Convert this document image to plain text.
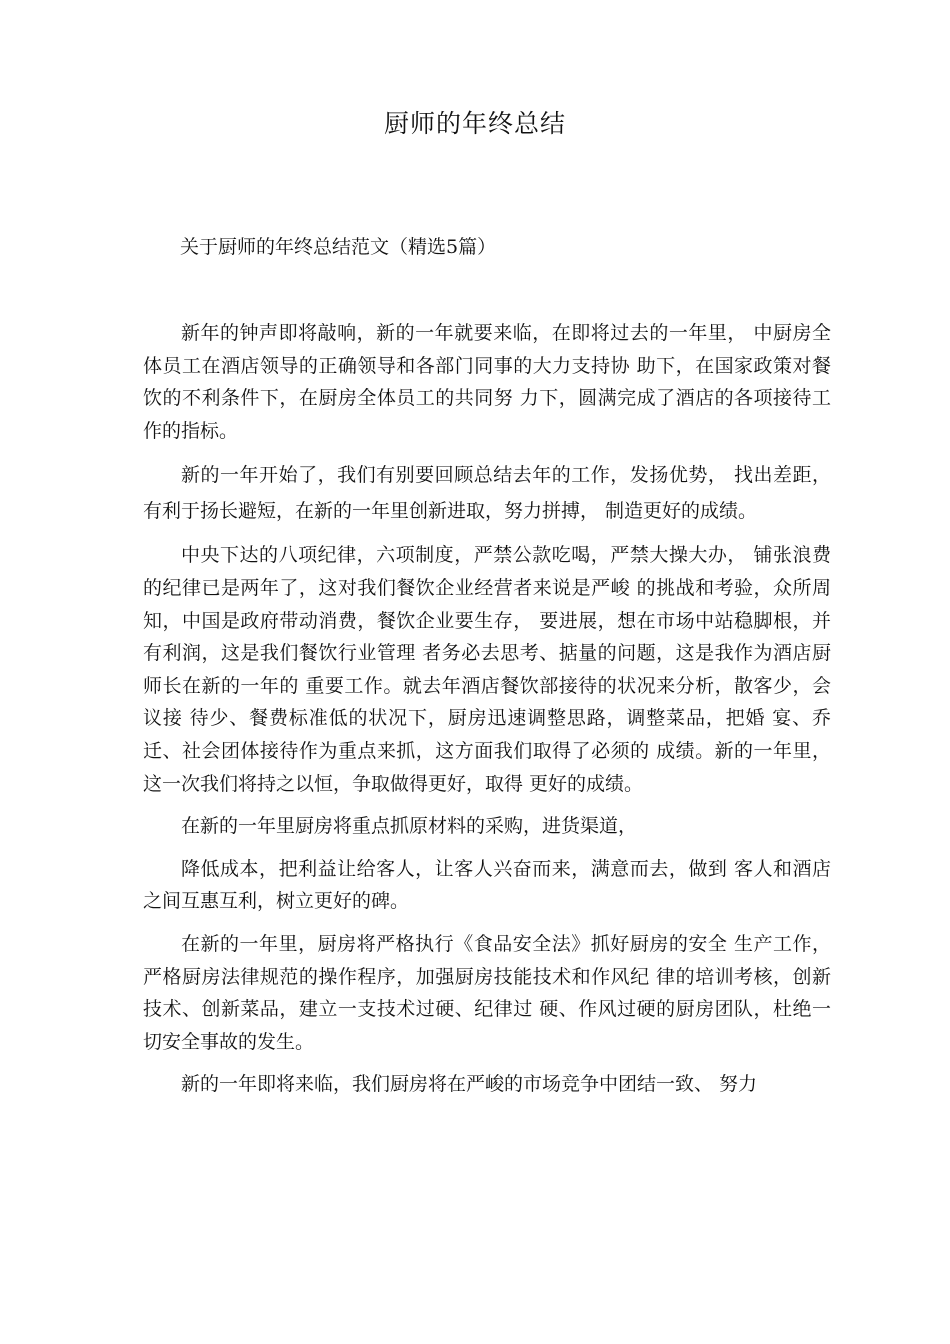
厨师的年终总结

关于厨师的年终总结范文（精选5篇）

新年的钟声即将敲响，新的一年就要来临，在即将过去的一年里， 中厨房全体员工在酒店领导的正确领导和各部门同事的大力支持协 助下，在国家政策对餐饮的不利条件下，在厨房全体员工的共同努 力下，圆满完成了酒店的各项接待工作的指标。

新的一年开始了，我们有别要回顾总结去年的工作，发扬优势， 找出差距，有利于扬长避短，在新的一年里创新进取，努力拼搏， 制造更好的成绩。

中央下达的八项纪律，六项制度，严禁公款吃喝，严禁大操大办， 铺张浪费的纪律已是两年了，这对我们餐饮企业经营者来说是严峻 的挑战和考验，众所周知，中国是政府带动消费，餐饮企业要生存， 要进展，想在市场中站稳脚根，并有利润，这是我们餐饮行业管理 者务必去思考、掂量的问题，这是我作为酒店厨师长在新的一年的 重要工作。就去年酒店餐饮部接待的状况来分析，散客少，会议接 待少、餐费标准低的状况下，厨房迅速调整思路，调整菜品，把婚 宴、乔迁、社会团体接待作为重点来抓，这方面我们取得了必须的 成绩。新的一年里，这一次我们将持之以恒，争取做得更好，取得 更好的成绩。

在新的一年里厨房将重点抓原材料的采购，进货渠道，

降低成本，把利益让给客人，让客人兴奋而来，满意而去，做到 客人和酒店之间互惠互利，树立更好的碑。

在新的一年里，厨房将严格执行《食品安全法》抓好厨房的安全 生产工作，严格厨房法律规范的操作程序，加强厨房技能技术和作风纪 律的培训考核，创新技术、创新菜品，建立一支技术过硬、纪律过 硬、作风过硬的厨房团队，杜绝一切安全事故的发生。

新的一年即将来临，我们厨房将在严峻的市场竞争中团结一致、 努力
